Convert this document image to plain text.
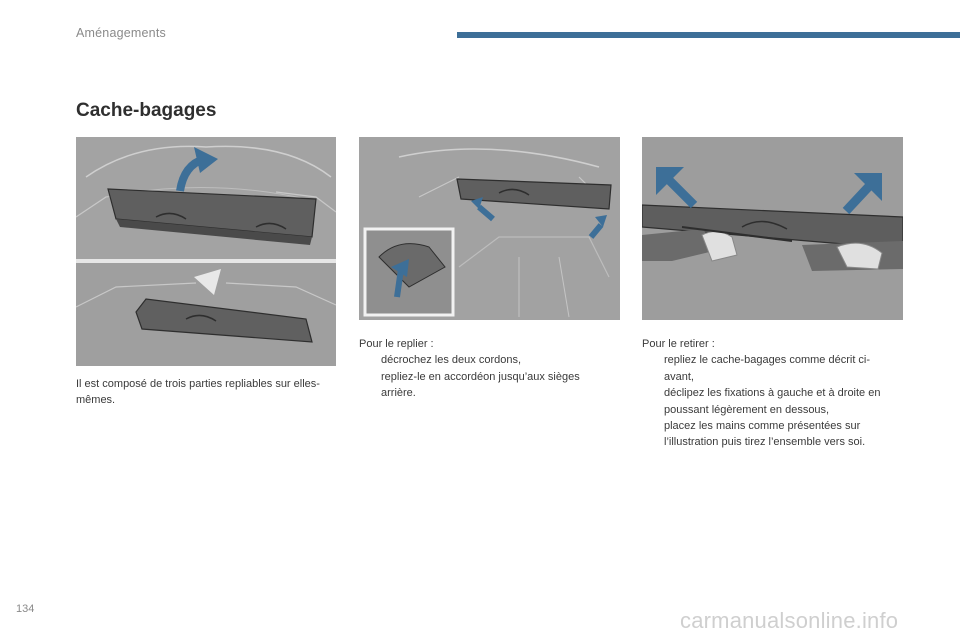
Aménagements
Cache-bagages

Il est composé de trois parties repliables sur elles-mêmes.

Pour le replier :

décrochez les deux cordons,
repliez-le en accordéon jusqu’aux sièges arrière.

Pour le retirer :

repliez le cache-bagages comme décrit ci-avant,
déclipez les fixations à gauche et à droite en poussant légèrement en dessous,
placez les mains comme présentées sur l’illustration puis tirez l’ensemble vers soi.
134	carmanualsonline.info
